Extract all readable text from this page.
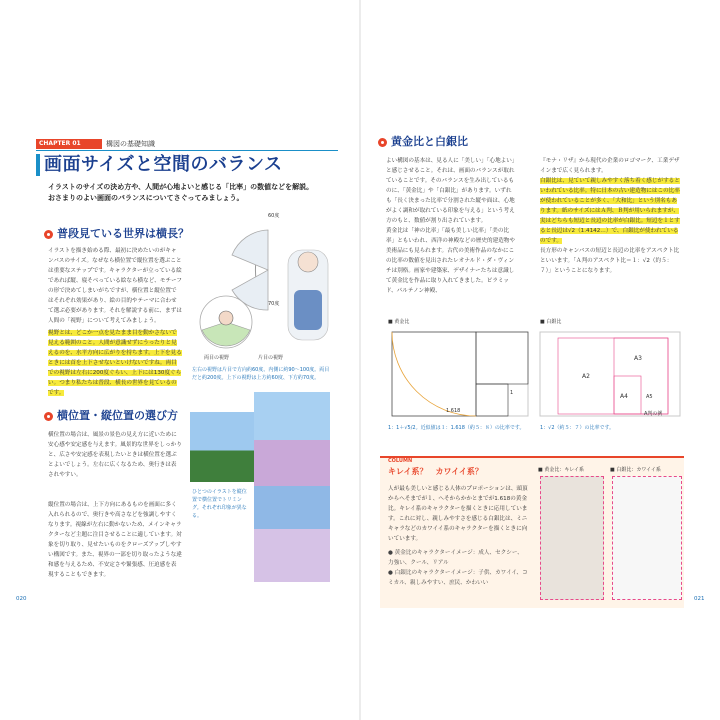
CHAPTER 01	構図の基礎知識
画面サイズと空間のバランス
イラストのサイズの決め方や、人間が心地よいと感じる「比率」の数値などを解説。おさまりのよい画面のバランスについてさぐってみましょう。
普段見ている世界は横長？
イラストを描き始める際、最初に決めたいのがキャンバスのサイズ。なぜなら横位置で縦位置を選ぶことは重要なステップです。キャラクターが立っている絵であれば縦、寝そべっている絵なら横など、モチーフの形で決めてしまいがちですが、横位置と縦位置ではそれぞれ効果があり、絵の目的やテーマに合わせて選ぶ必要があります。それを解説する前に、まずは人間の「視野」について考えてみましょう。
視野とは、どこか一点を見たまま目を動かさないで見える範囲のこと。人間が意識せずにうったりと見えるのを、水平方向に広がりを持ちます。上下を見るときには首を上下させないといけないですね。両目での視野は左右に200度ぐらい、上下には130度ぐらい。つまり私たちは普段、横長の世界を見ているのです。
60度
70度
両目の視野	片目の視野
左右の視野は片目で方向約60度、内側に約90～100度。両目だと約200度。上下の視野は上方約60度、下方約70度。
横位置・縦位置の選び方
横位置の場合は、風景の景色の見え方に近いために安心感や安定感を与えます。風景的な世界をしっかりと、広さや安定感を表現したいときは横位置を選ぶとよいでしょう。左右に広くなるため、奥行きは表されやすい。
縦位置の場合は、上下方向にあるものを画面に多く入れられるので、奥行きや高さなどを強調しやすくなります。視線が左右に動かないため、メインキャラクターなど主題に注目させることに適しています。対象を切り取り、見せたいものをクローズアップしやすい構図です。また、視界の一部を切り取ったような違和感を与えるため、不安定さや緊張感、圧迫感を表現することもできます。
ひとつのイラストを縦位置で横位置でトリミング。それぞれ印象が異なる。
020
黄金比と白銀比
よい構図の基本は、見る人に「美しい」「心地よい」と感じさせること。それは、画面のバランスが取れていることです。そのバランスを生み出しているものに、「黄金比」や「白銀比」があります。いずれも「長く決まった比率で分割された縦や面は、心地がよく調和が取れている印象を与える」という考え方のもと、数値が割り出されています。
黄金比は「神の比率」「最も美しい比率」「美の比率」ともいわれ、西洋の神殿などの歴史的建造物や美術品にも見られます。古代の美術作品のなかにこの比率の数値を見出されたレオナルド・ダ・ヴィンチは別格。画家や建築家、デザイナーたちは意識して黄金比を作品に取り入れてきました。ピラミッド、パルテノン神殿、
『モナ・リザ』から現代の企業のロゴマーク、工業デザインまで広く見られます。
白銀比は、見ていて親しみやすく落ち着く感じがするといわれている比率。特に日本の古い建造物にはこの比率が使われていることが多く、「大和比」という別名もあります。紙のサイズにはＡ判、Ｂ判が用いられますが、実はどちらも短辺と長辺の比率が白銀比。短辺を１とすると長辺は√2（1.4142…）で、白銀比が使われているのです。
長方形のキャンバスの短辺と長辺の比率をアスペクト比といいます。「Ａ判のアスペクト比＝１：√2（約５：７）」ということになります。
■ 黄金比
1.618
1
1：1＋√5/2。近似値は１：1.618（約５：８）の比率です。
■ 白銀比
A2
A3
A4	A5
A判の例
1：√2（約５：７）の比率です。
COLUMN
キレイ系？　カワイイ系？
人が最も美しいと感じる人体のプロポーションは、頭頂からへそまでが１、へそからかかとまでが1.618の黄金比。キレイ系のキャラクターを描くときに応用しています。これに対し、親しみやすさを感じる白銀比は、ミニキャラなどのカワイイ系のキャラクターを描くときに向いています。
● 黄金比のキャラクターイメージ：成人、セクシー、力強い、クール、リアル
● 白銀比のキャラクターイメージ：子供、カワイイ、コミカル、親しみやすい、庶民、かわいい
■ 黄金比：キレイ系	■ 白銀比：カワイイ系
021
